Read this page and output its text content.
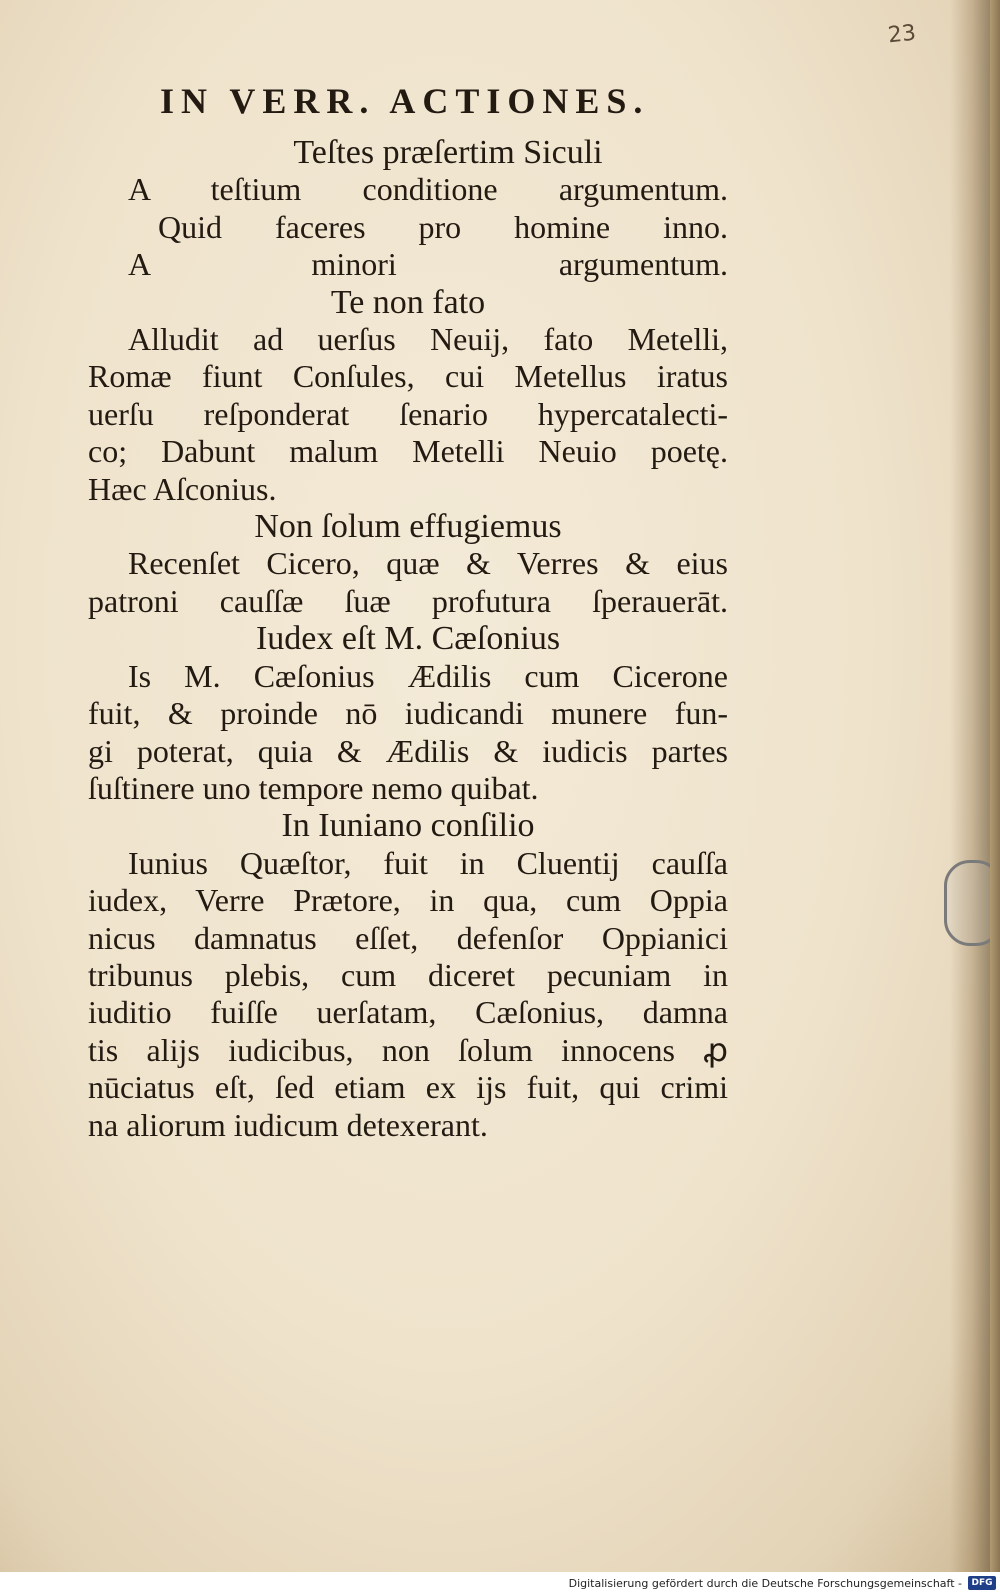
23
IN VERR. ACTIONES.
Teſtes præſertim Siculi
A teſtium conditione argumentum.
Quid faceres pro homine inno.
A minori argumentum.
Te non fato
Alludit ad uerſus Neuij, fato Metelli,
Romæ fiunt Conſules, cui Metellus iratus
uerſu reſponderat ſenario hypercatalecti-
co; Dabunt malum Metelli Neuio poetę.
Hæc Aſconius.
Non ſolum effugiemus
Recenſet Cicero, quæ & Verres & eius
patroni cauſſæ ſuæ profutura ſperauerāt.
Iudex eſt M. Cæſonius
Is M. Cæſonius Ædilis cum Cicerone
fuit, & proinde nō iudicandi munere fun-
gi poterat, quia & Ædilis & iudicis partes
ſuſtinere uno tempore nemo quibat.
In Iuniano conſilio
Iunius Quæſtor, fuit in Cluentij cauſſa
iudex, Verre Prætore, in qua, cum Oppia
nicus damnatus eſſet, defenſor Oppianici
tribunus plebis, cum diceret pecuniam in
iuditio fuiſſe uerſatam, Cæſonius, damna
tis alijs iudicibus, non ſolum innocens ꝓ
nūciatus eſt, ſed etiam ex ijs fuit, qui crimi
na aliorum iudicum detexerant.
Digitalisierung gefördert durch die Deutsche Forschungsgemeinschaft -	DFG
